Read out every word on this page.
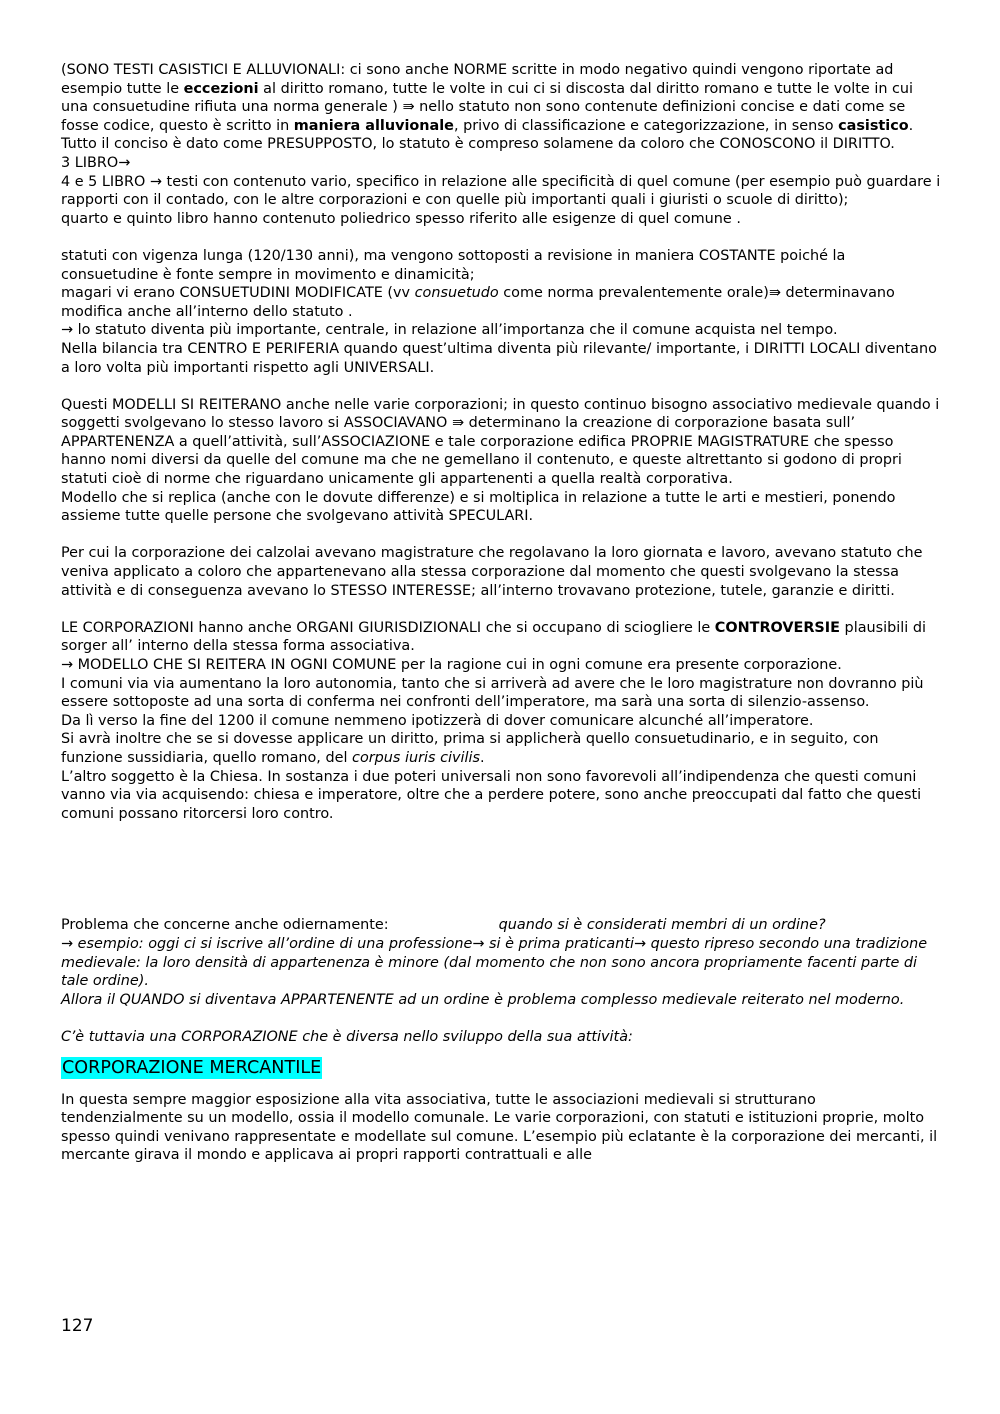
(SONO TESTI CASISTICI E ALLUVIONALI: ci sono anche NORME scritte in modo negativo quindi vengono riportate ad esempio tutte le eccezioni al diritto romano, tutte le volte in cui ci si discosta dal diritto romano e tutte le volte in cui una consuetudine rifiuta una norma generale ) ⇛ nello statuto non sono contenute definizioni concise e dati come se fosse codice, questo è scritto in maniera alluvionale, privo di classificazione e categorizzazione, in senso casistico.

Tutto il conciso è dato come PRESUPPOSTO, lo statuto è compreso solamene da coloro che CONOSCONO il DIRITTO.

3 LIBRO→

4 e 5 LIBRO → testi con contenuto vario, specifico in relazione alle specificità di quel comune (per esempio può guardare i rapporti con il contado, con le altre corporazioni e con quelle più importanti quali i giuristi o scuole di diritto);

quarto e quinto libro hanno contenuto poliedrico spesso riferito alle esigenze di quel comune .

statuti con vigenza lunga (120/130 anni), ma vengono sottoposti a revisione in maniera COSTANTE poiché la consuetudine è fonte sempre in movimento e dinamicità;

magari vi erano CONSUETUDINI MODIFICATE (vv consuetudo come norma prevalentemente orale)⇛ determinavano modifica anche all’interno dello statuto .

→ lo statuto diventa più importante, centrale, in relazione all’importanza che il comune acquista nel tempo.

Nella bilancia tra CENTRO E PERIFERIA quando quest’ultima diventa più rilevante/ importante, i DIRITTI LOCALI diventano a loro volta più importanti rispetto agli UNIVERSALI.

Questi MODELLI SI REITERANO anche nelle varie corporazioni; in questo continuo bisogno associativo medievale quando i soggetti svolgevano lo stesso lavoro si ASSOCIAVANO ⇛ determinano la creazione di corporazione basata sull’ APPARTENENZA a quell’attività, sull’ASSOCIAZIONE e tale corporazione edifica PROPRIE MAGISTRATURE che spesso hanno nomi diversi da quelle del comune ma che ne gemellano il contenuto, e queste altrettanto si godono di propri statuti cioè di norme che riguardano unicamente gli appartenenti a quella realtà corporativa.

Modello che si replica (anche con le dovute differenze) e si moltiplica in relazione a tutte le arti e mestieri, ponendo assieme tutte quelle persone che svolgevano attività SPECULARI.

Per cui la corporazione dei calzolai avevano magistrature che regolavano la loro giornata e lavoro, avevano statuto che veniva applicato a coloro che appartenevano alla stessa corporazione dal momento che questi svolgevano la stessa attività e di conseguenza avevano lo STESSO INTERESSE; all’interno trovavano protezione, tutele, garanzie e diritti.

LE CORPORAZIONI hanno anche ORGANI GIURISDIZIONALI che si occupano di sciogliere le CONTROVERSIE plausibili di sorger all’ interno della stessa forma associativa.

→ MODELLO CHE SI REITERA IN OGNI COMUNE per la ragione cui in ogni comune era presente corporazione.

I comuni via via aumentano la loro autonomia, tanto che si arriverà ad avere che le loro magistrature non dovranno più essere sottoposte ad una sorta di conferma nei confronti dell’imperatore, ma sarà una sorta di silenzio-assenso.

Da lì verso la fine del 1200 il comune nemmeno ipotizzerà di dover comunicare alcunché all’imperatore.

Si avrà inoltre che se si dovesse applicare un diritto, prima si applicherà quello consuetudinario, e in seguito, con funzione sussidiaria, quello romano, del corpus iuris civilis.

L’altro soggetto è la Chiesa. In sostanza i due poteri universali non sono favorevoli all’indipendenza che questi comuni vanno via via acquisendo: chiesa e imperatore, oltre che a perdere potere, sono anche preoccupati dal fatto che questi comuni possano ritorcersi loro contro.

Problema che concerne anche odiernamente:	quando si è considerati membri di un ordine?

→ esempio: oggi ci si iscrive all’ordine di una professione→ si è prima praticanti→ questo ripreso secondo una tradizione medievale: la loro densità di appartenenza è minore (dal momento che non sono ancora propriamente facenti parte di tale ordine).

Allora il QUANDO si diventava APPARTENENTE ad un ordine è problema complesso medievale reiterato nel moderno.

C’è tuttavia una CORPORAZIONE che è diversa nello sviluppo della sua attività:

CORPORAZIONE MERCANTILE

In questa sempre maggior esposizione alla vita associativa, tutte le associazioni medievali si strutturano tendenzialmente su un modello, ossia il modello comunale. Le varie corporazioni, con statuti e istituzioni proprie, molto spesso quindi venivano rappresentate e modellate sul comune. L’esempio più eclatante è la corporazione dei mercanti, il mercante girava il mondo e applicava ai propri rapporti contrattuali e alle

127
